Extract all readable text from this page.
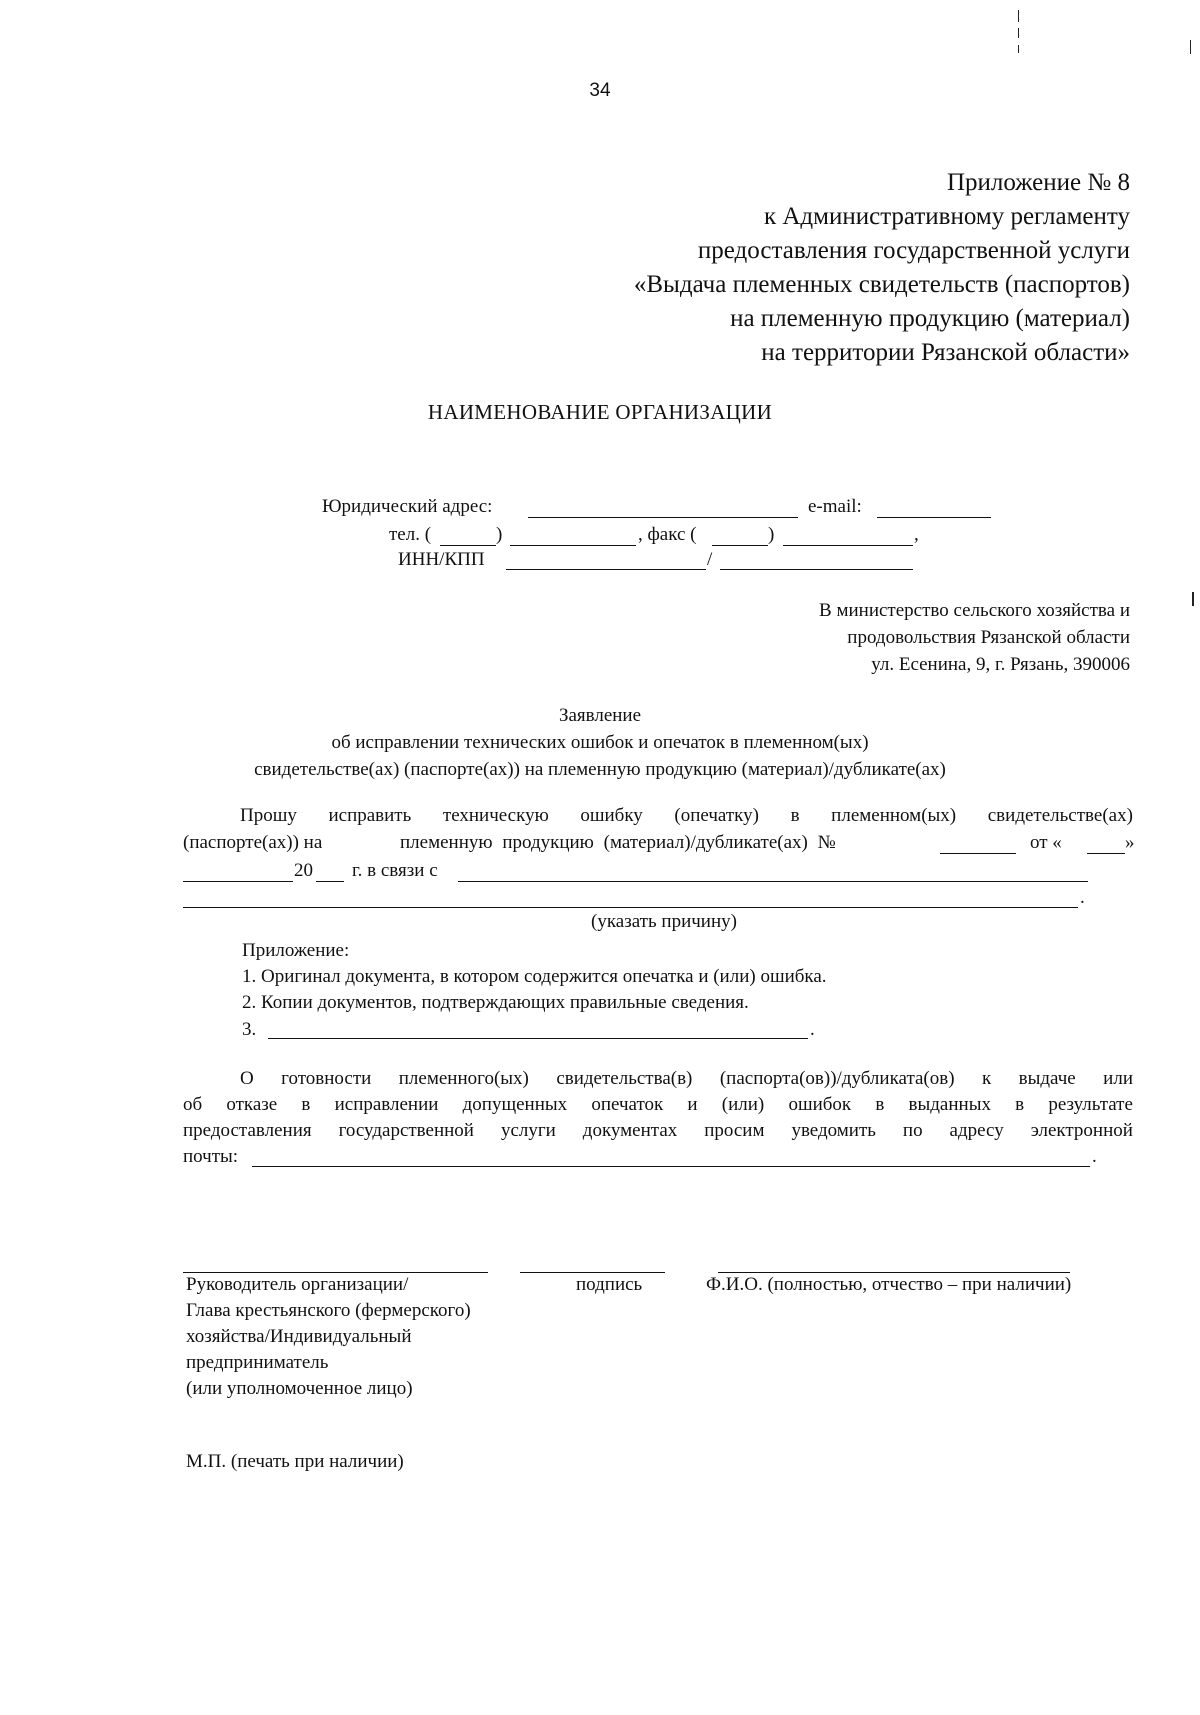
34
Приложение № 8
к Административному регламенту
предоставления государственной услуги
«Выдача племенных свидетельств (паспортов)
на племенную продукцию (материал)
на территории Рязанской области»
НАИМЕНОВАНИЕ ОРГАНИЗАЦИИ
Юридический адрес:	e-mail:
тел. (	)	, факс (	)	,
ИНН/КПП	/
В министерство сельского хозяйства и
продовольствия Рязанской области
ул. Есенина, 9, г. Рязань, 390006
Заявление
об исправлении технических ошибок и опечаток в племенном(ых)
свидетельстве(ах) (паспорте(ах)) на племенную продукцию (материал)/дубликате(ах)
Прошу исправить техническую ошибку (опечатку) в племенном(ых) свидетельстве(ах)
(паспорте(ах)) на	племенную продукцию (материал)/дубликате(ах) №	от «	»
20 г. в связи с
.
(указать причину)
Приложение:
1. Оригинал документа, в котором содержится опечатка и (или) ошибка.
2. Копии документов, подтверждающих правильные сведения.
3.	.
О готовности племенного(ых) свидетельства(в) (паспорта(ов))/дубликата(ов) к выдаче или
об отказе в исправлении допущенных опечаток и (или) ошибок в выданных в результате
предоставления государственной услуги документах просим уведомить по адресу электронной
почты:	.
Руководитель организации/
Глава крестьянского (фермерского)
хозяйства/Индивидуальный
предприниматель
(или уполномоченное лицо)
подпись	Ф.И.О. (полностью, отчество – при наличии)
М.П. (печать при наличии)
